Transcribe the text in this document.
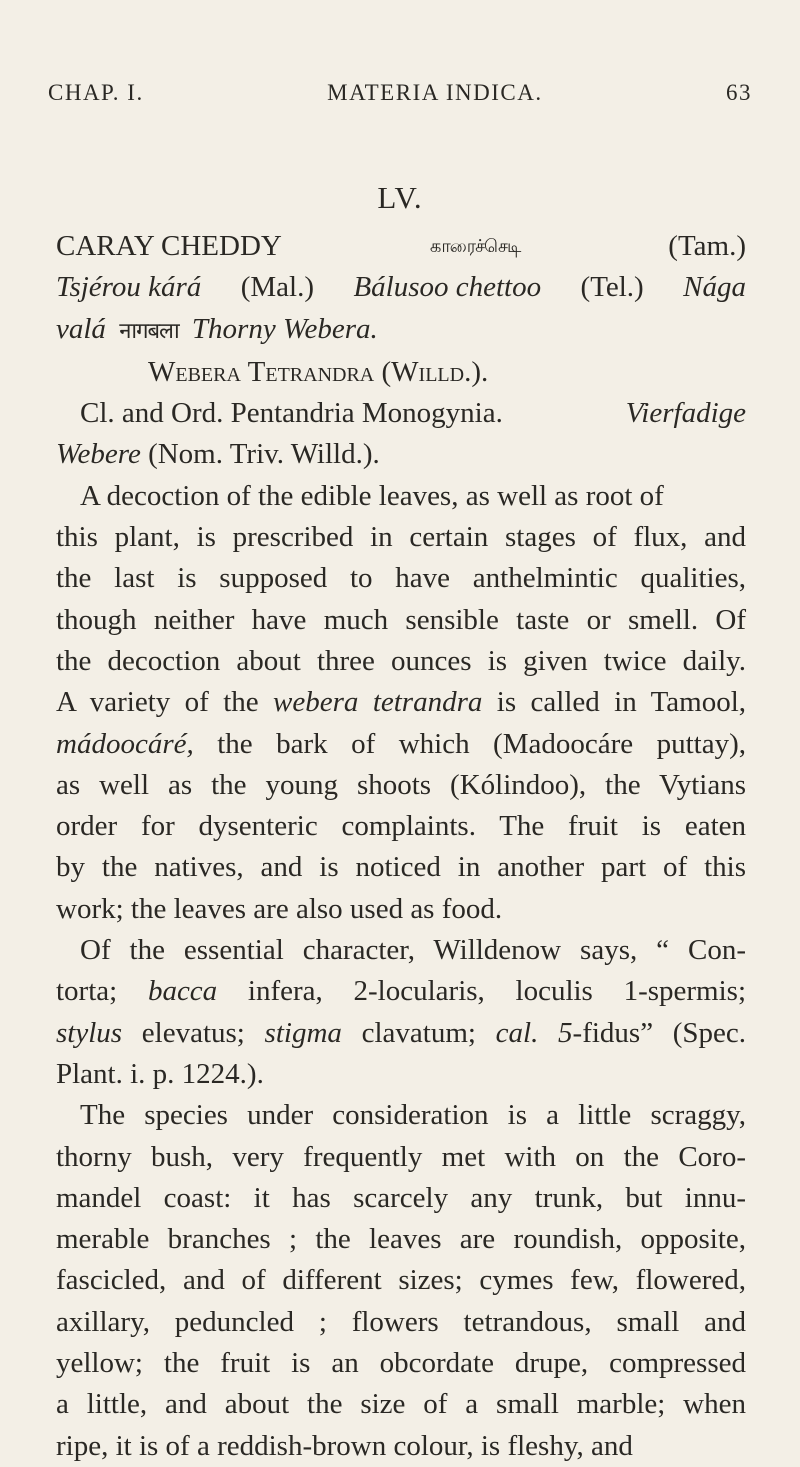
CHAP. I.	MATERIA INDICA.	63
LV.
CARAY CHEDDY	காரைச்செடி	(Tam.)
Tsjérou kárá (Mal.) Bálusoo chettoo (Tel.) Nága
valá नागबला Thorny Webera.
Webera Tetrandra (Willd.).
Cl. and Ord. Pentandria Monogynia.	Vierfadige
Webere (Nom. Triv. Willd.).
A decoction of the edible leaves, as well as root of
this plant, is prescribed in certain stages of flux, and
the last is supposed to have anthelmintic qualities,
though neither have much sensible taste or smell. Of
the decoction about three ounces is given twice daily.
A variety of the webera tetrandra is called in Tamool,
mádoocáré, the bark of which (Madoocáre puttay),
as well as the young shoots (Kólindoo), the Vytians
order for dysenteric complaints. The fruit is eaten
by the natives, and is noticed in another part of this
work; the leaves are also used as food.
Of the essential character, Willdenow says, “ Con-
torta; bacca infera, 2-locularis, loculis 1-spermis;
stylus elevatus; stigma clavatum; cal. 5-fidus” (Spec.
Plant. i. p. 1224.).
The species under consideration is a little scraggy,
thorny bush, very frequently met with on the Coro-
mandel coast: it has scarcely any trunk, but innu-
merable branches ; the leaves are roundish, opposite,
fascicled, and of different sizes; cymes few, flowered,
axillary, peduncled ; flowers tetrandous, small and
yellow; the fruit is an obcordate drupe, compressed
a little, and about the size of a small marble; when
ripe, it is of a reddish-brown colour, is fleshy, and
